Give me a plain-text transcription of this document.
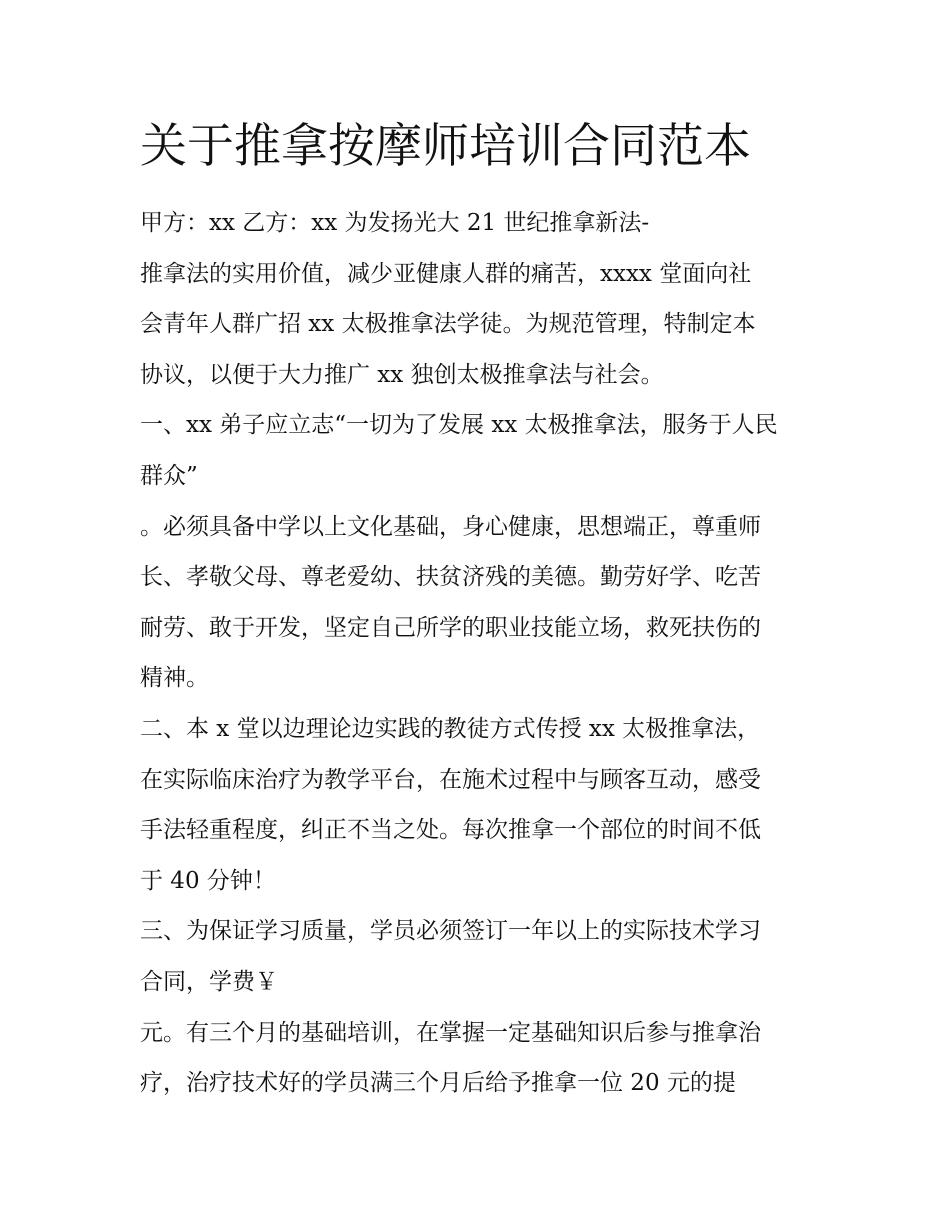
关于推拿按摩师培训合同范本

甲方：xx 乙方：xx 为发扬光大 21 世纪推拿新法-

推拿法的实用价值，减少亚健康人群的痛苦，xxxx 堂面向社

会青年人群广招 xx 太极推拿法学徒。为规范管理，特制定本

协议，以便于大力推广 xx 独创太极推拿法与社会。

一、xx 弟子应立志“一切为了发展 xx 太极推拿法，服务于人民

群众”

。必须具备中学以上文化基础，身心健康，思想端正，尊重师

长、孝敬父母、尊老爱幼、扶贫济残的美德。勤劳好学、吃苦

耐劳、敢于开发，坚定自己所学的职业技能立场，救死扶伤的

精神。

二、本 x 堂以边理论边实践的教徒方式传授 xx 太极推拿法，

在实际临床治疗为教学平台，在施术过程中与顾客互动，感受

手法轻重程度，纠正不当之处。每次推拿一个部位的时间不低

于 40 分钟！

三、为保证学习质量，学员必须签订一年以上的实际技术学习

合同，学费￥

元。有三个月的基础培训，在掌握一定基础知识后参与推拿治

疗，治疗技术好的学员满三个月后给予推拿一位 20 元的提
